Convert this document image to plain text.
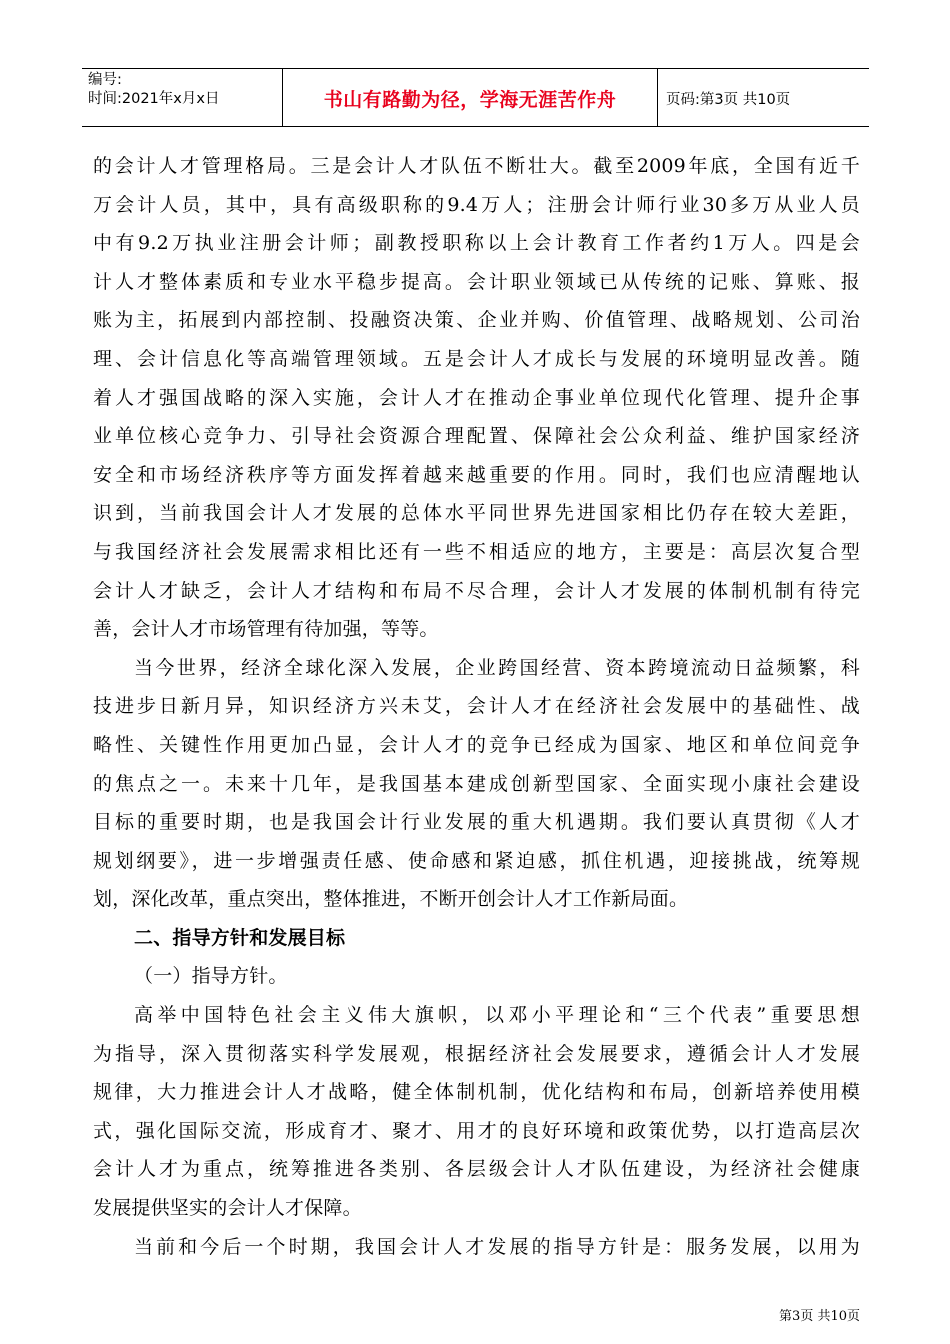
编号:
时间:2021年x月x日	书山有路勤为径，学海无涯苦作舟	页码:第3页 共10页
的会计人才管理格局。三是会计人才队伍不断壮大。截至2009年底，全国有近千
万会计人员，其中，具有高级职称的9.4万人；注册会计师行业30多万从业人员
中有9.2万执业注册会计师；副教授职称以上会计教育工作者约1万人。四是会
计人才整体素质和专业水平稳步提高。会计职业领域已从传统的记账、算账、报
账为主，拓展到内部控制、投融资决策、企业并购、价值管理、战略规划、公司治
理、会计信息化等高端管理领域。五是会计人才成长与发展的环境明显改善。随
着人才强国战略的深入实施，会计人才在推动企事业单位现代化管理、提升企事
业单位核心竞争力、引导社会资源合理配置、保障社会公众利益、维护国家经济
安全和市场经济秩序等方面发挥着越来越重要的作用。同时，我们也应清醒地认
识到，当前我国会计人才发展的总体水平同世界先进国家相比仍存在较大差距，
与我国经济社会发展需求相比还有一些不相适应的地方，主要是：高层次复合型
会计人才缺乏，会计人才结构和布局不尽合理，会计人才发展的体制机制有待完
善，会计人才市场管理有待加强，等等。
当今世界，经济全球化深入发展，企业跨国经营、资本跨境流动日益频繁，科
技进步日新月异，知识经济方兴未艾，会计人才在经济社会发展中的基础性、战
略性、关键性作用更加凸显，会计人才的竞争已经成为国家、地区和单位间竞争
的焦点之一。未来十几年，是我国基本建成创新型国家、全面实现小康社会建设
目标的重要时期，也是我国会计行业发展的重大机遇期。我们要认真贯彻《人才
规划纲要》，进一步增强责任感、使命感和紧迫感，抓住机遇，迎接挑战，统筹规
划，深化改革，重点突出，整体推进，不断开创会计人才工作新局面。
二、指导方针和发展目标
（一）指导方针。
高举中国特色社会主义伟大旗帜，以邓小平理论和“三个代表”重要思想
为指导，深入贯彻落实科学发展观，根据经济社会发展要求，遵循会计人才发展
规律，大力推进会计人才战略，健全体制机制，优化结构和布局，创新培养使用模
式，强化国际交流，形成育才、聚才、用才的良好环境和政策优势，以打造高层次
会计人才为重点，统筹推进各类别、各层级会计人才队伍建设，为经济社会健康
发展提供坚实的会计人才保障。
当前和今后一个时期，我国会计人才发展的指导方针是：服务发展，以用为
第3页 共10页
